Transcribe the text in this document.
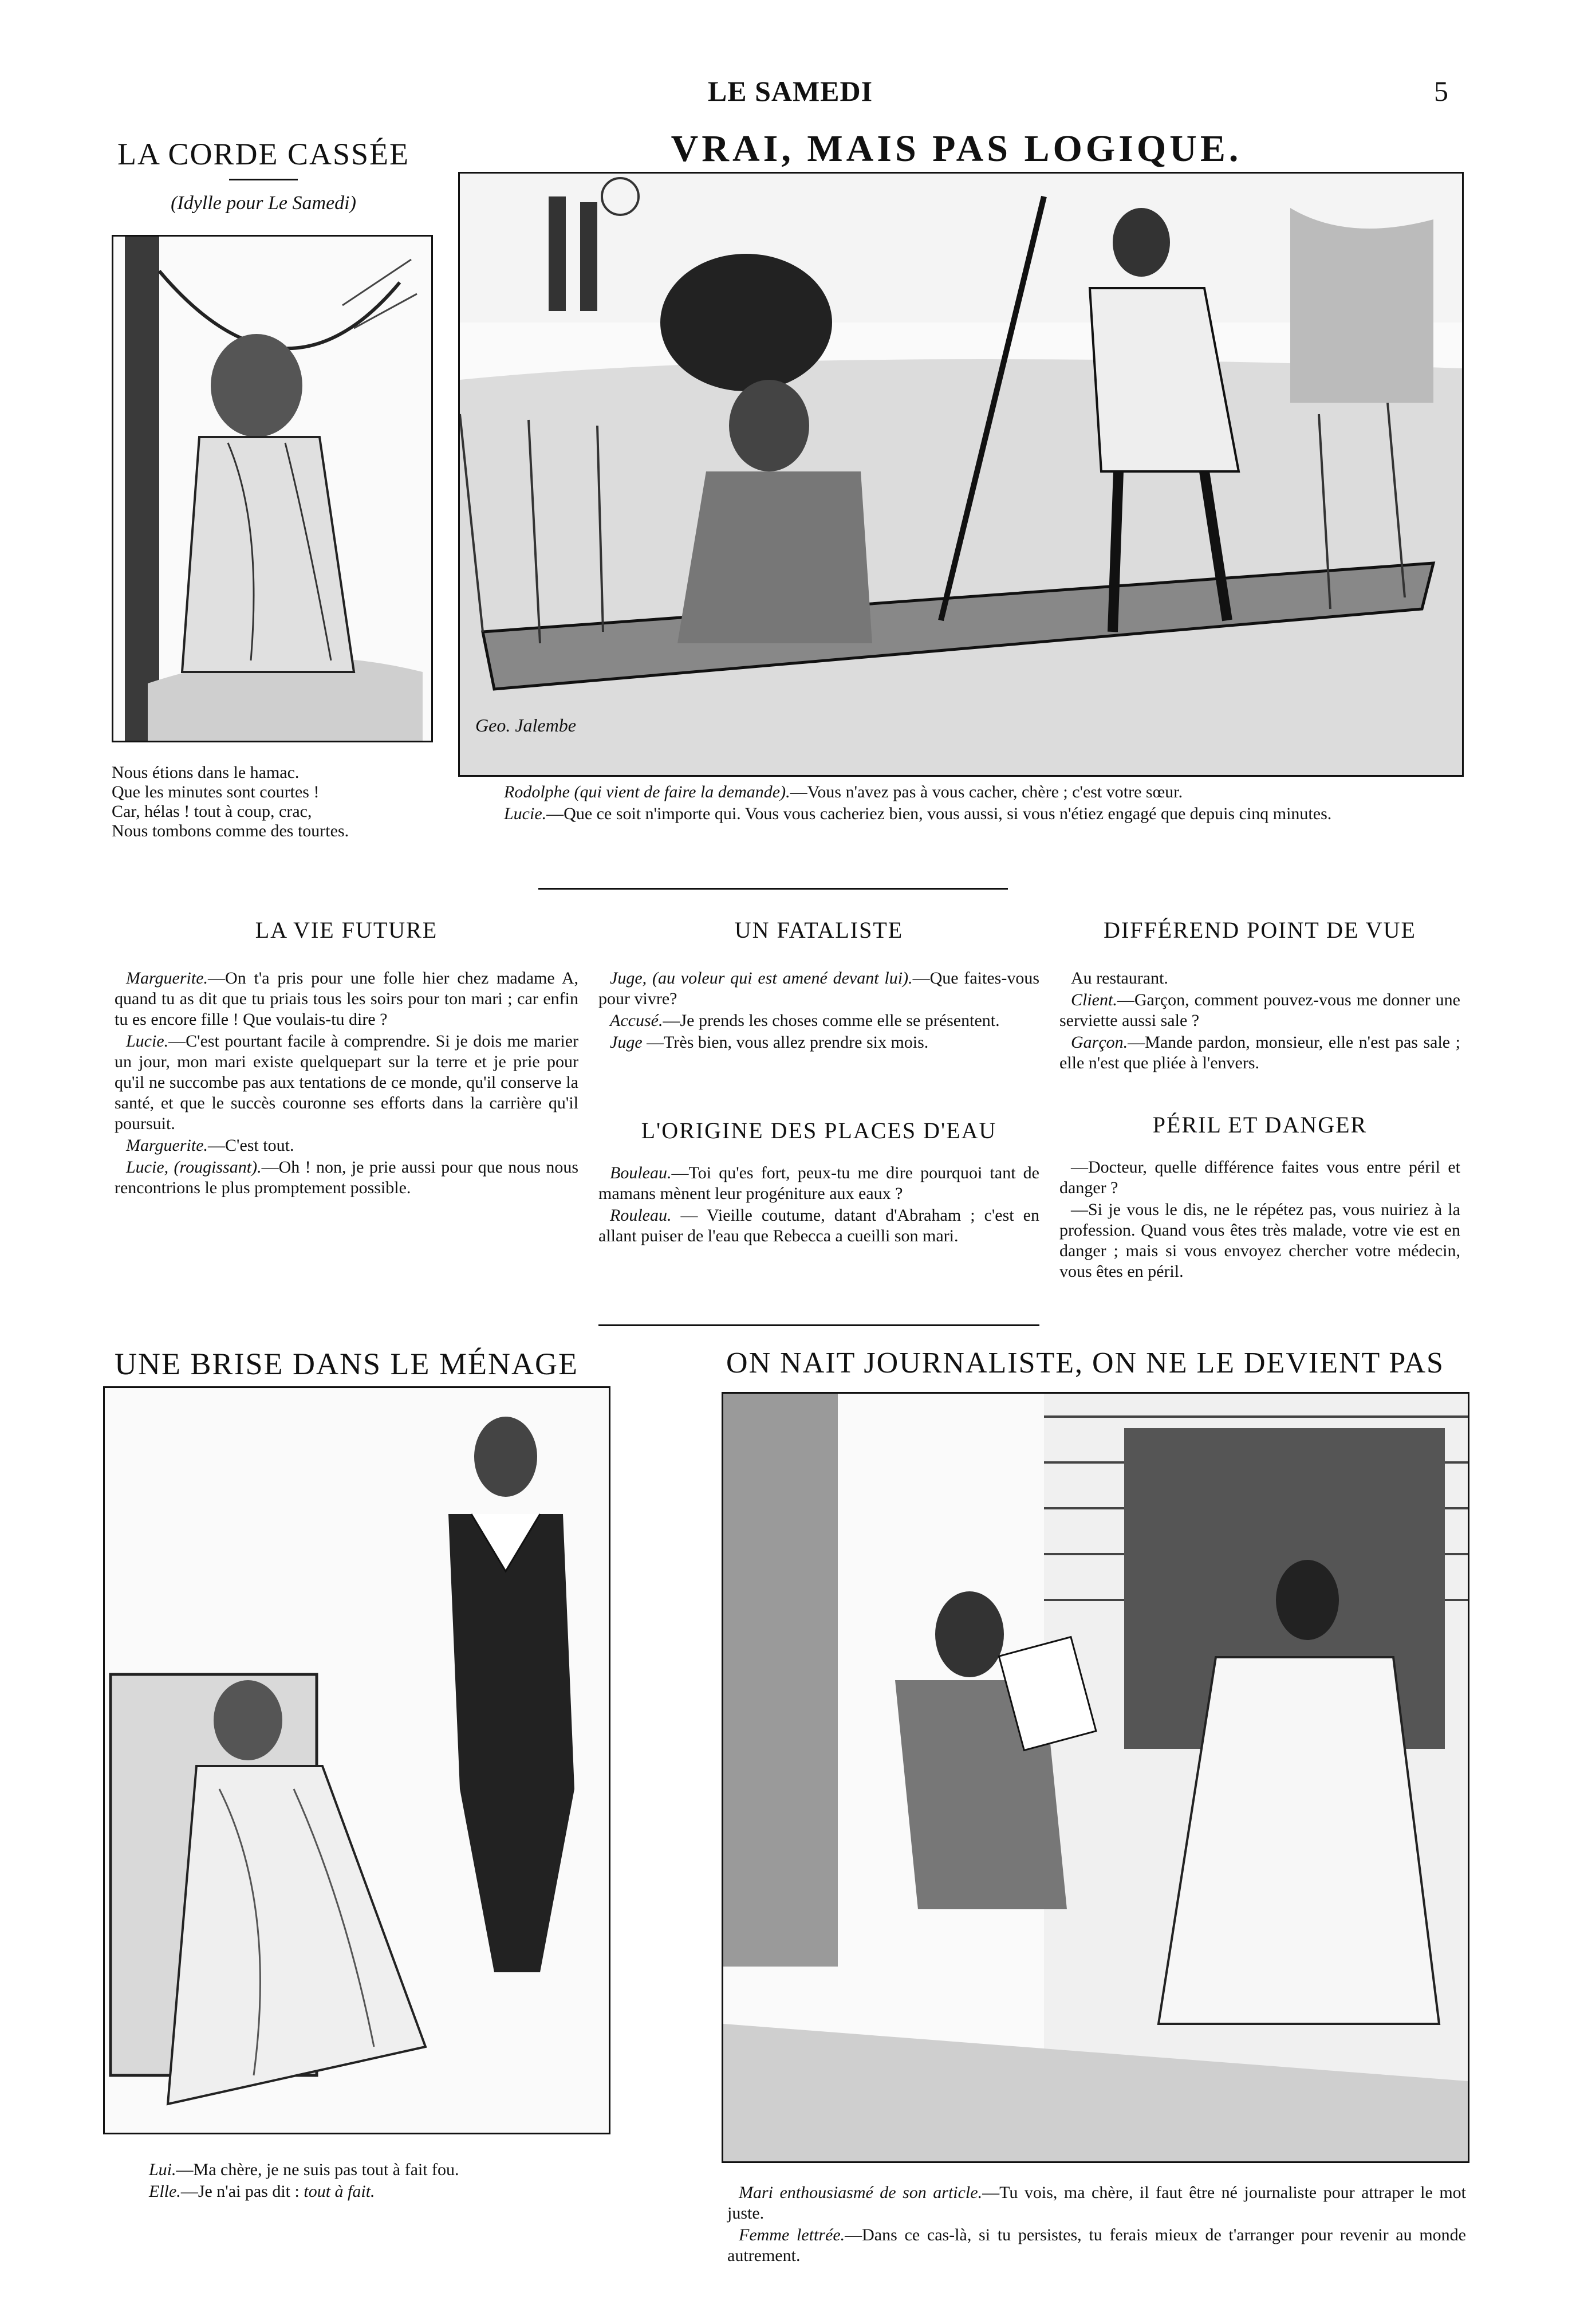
LE SAMEDI	5
LA CORDE CASSÉE
(Idylle pour Le Samedi)

Nous étions dans le hamac.

Que les minutes sont courtes !

Car, hélas ! tout à coup, crac,

Nous tombons comme des tourtes.

VRAI, MAIS PAS LOGIQUE.
Geo. Jalembe

Rodolphe (qui vient de faire la demande).—Vous n'avez pas à vous cacher, chère ; c'est votre sœur.

Lucie.—Que ce soit n'importe qui. Vous vous cacheriez bien, vous aussi, si vous n'étiez engagé que depuis cinq minutes.

LA VIE FUTURE

Marguerite.—On t'a pris pour une folle hier chez madame A, quand tu as dit que tu priais tous les soirs pour ton mari ; car enfin tu es encore fille ! Que voulais-tu dire ?

Lucie.—C'est pourtant facile à comprendre. Si je dois me marier un jour, mon mari existe quelquepart sur la terre et je prie pour qu'il ne succombe pas aux tentations de ce monde, qu'il conserve la santé, et que le succès couronne ses efforts dans la carrière qu'il poursuit.

Marguerite.—C'est tout.

Lucie, (rougissant).—Oh ! non, je prie aussi pour que nous nous rencontrions le plus promptement possible.

UN FATALISTE

Juge, (au voleur qui est amené devant lui).—Que faites-vous pour vivre?

Accusé.—Je prends les choses comme elle se présentent.

Juge —Très bien, vous allez prendre six mois.

L'ORIGINE DES PLACES D'EAU

Bouleau.—Toi qu'es fort, peux-tu me dire pourquoi tant de mamans mènent leur progéniture aux eaux ?

Rouleau. — Vieille coutume, datant d'Abraham ; c'est en allant puiser de l'eau que Rebecca a cueilli son mari.

DIFFÉREND POINT DE VUE

Au restaurant.

Client.—Garçon, comment pouvez-vous me donner une serviette aussi sale ?

Garçon.—Mande pardon, monsieur, elle n'est pas sale ; elle n'est que pliée à l'envers.

PÉRIL ET DANGER

—Docteur, quelle différence faites vous entre péril et danger ?

—Si je vous le dis, ne le répétez pas, vous nuiriez à la profession. Quand vous êtes très malade, votre vie est en danger ; mais si vous envoyez chercher votre médecin, vous êtes en péril.

UNE BRISE DANS LE MÉNAGE

Lui.—Ma chère, je ne suis pas tout à fait fou.

Elle.—Je n'ai pas dit : tout à fait.

ON NAIT JOURNALISTE, ON NE LE DEVIENT PAS

Mari enthousiasmé de son article.—Tu vois, ma chère, il faut être né journaliste pour attraper le mot juste.

Femme lettrée.—Dans ce cas-là, si tu persistes, tu ferais mieux de t'arranger pour revenir au monde autrement.
